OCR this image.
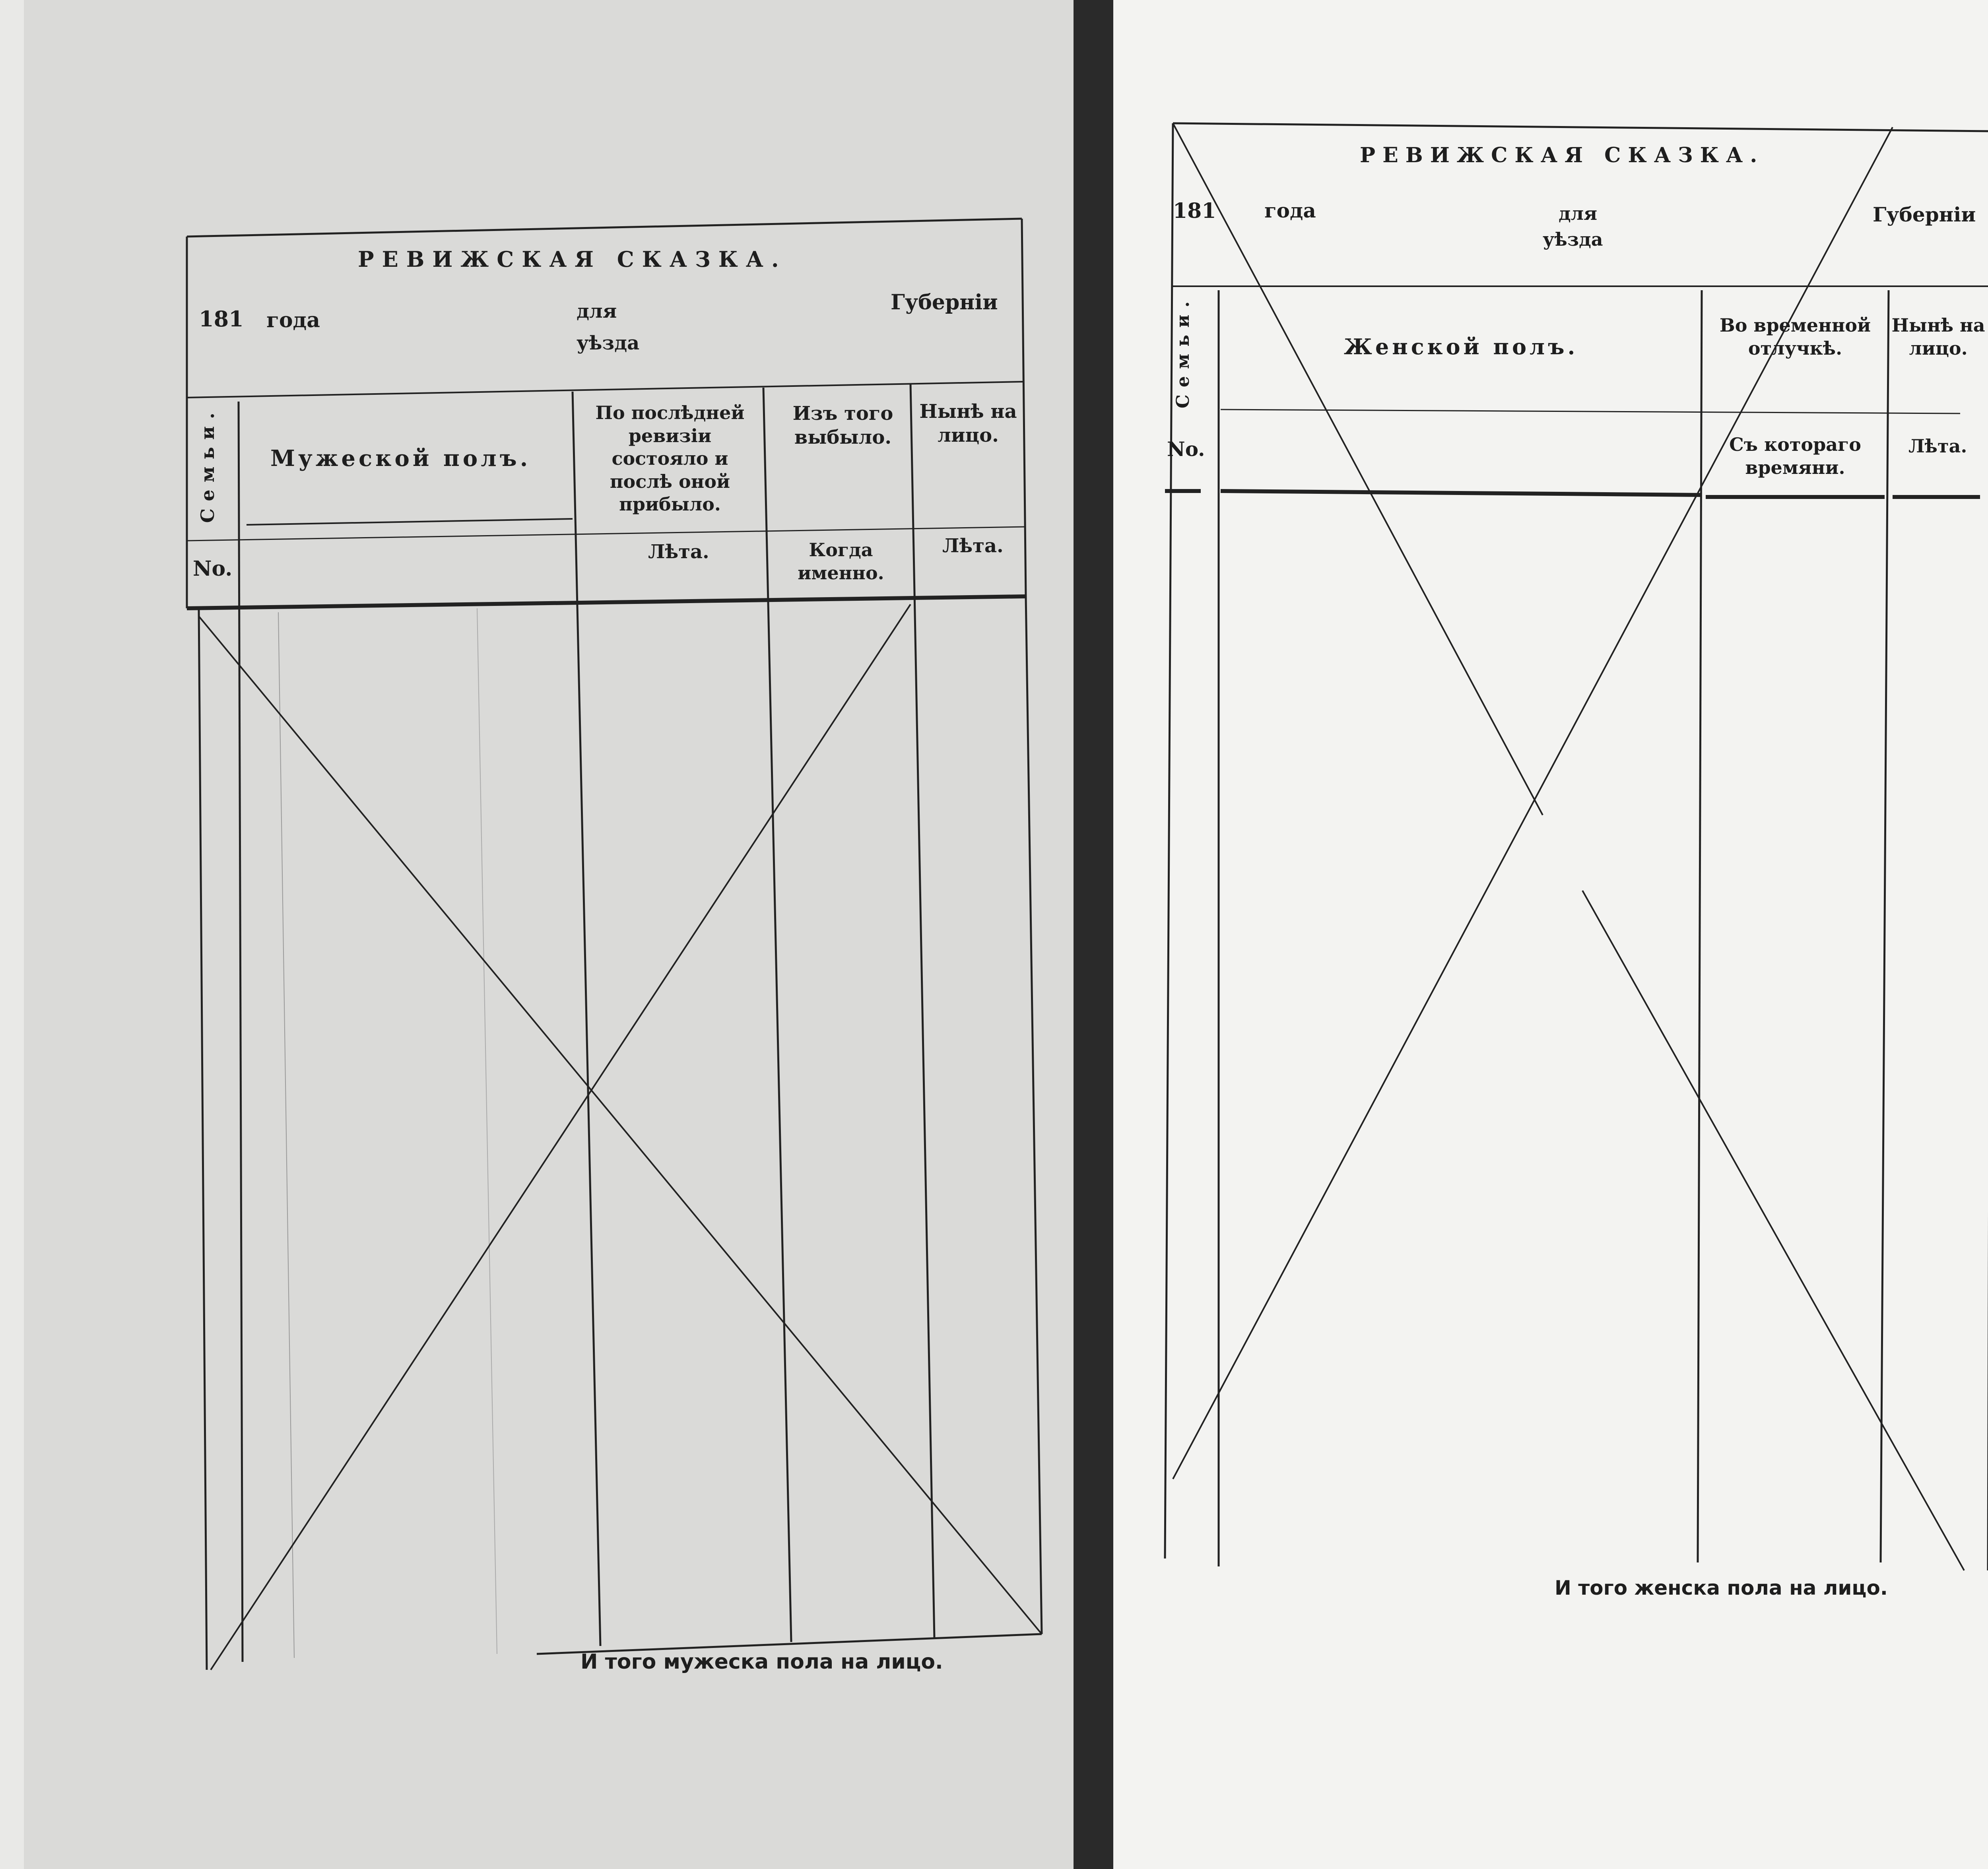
РЕВИЖСКАЯ СКАЗКА.
181 года	для
уѣзда
Губерніи
Семьи.
No.
Мужеской полъ.
По послѣдней ревизіи состояло и послѣ оной прибыло.
Лѣта.
Изъ того выбыло.
Когда именно.
Нынѣ на лицо.
Лѣта.
И того мужеска пола на лицо.
РЕВИЖСКАЯ СКАЗКА.
181 года	для
уѣзда
Губерніи
Семьи.
No.
Женской полъ.
Во временной отлучкѣ.
Съ котораго времяни.
Нынѣ на лицо.
Лѣта.
И того женска пола на лицо.
